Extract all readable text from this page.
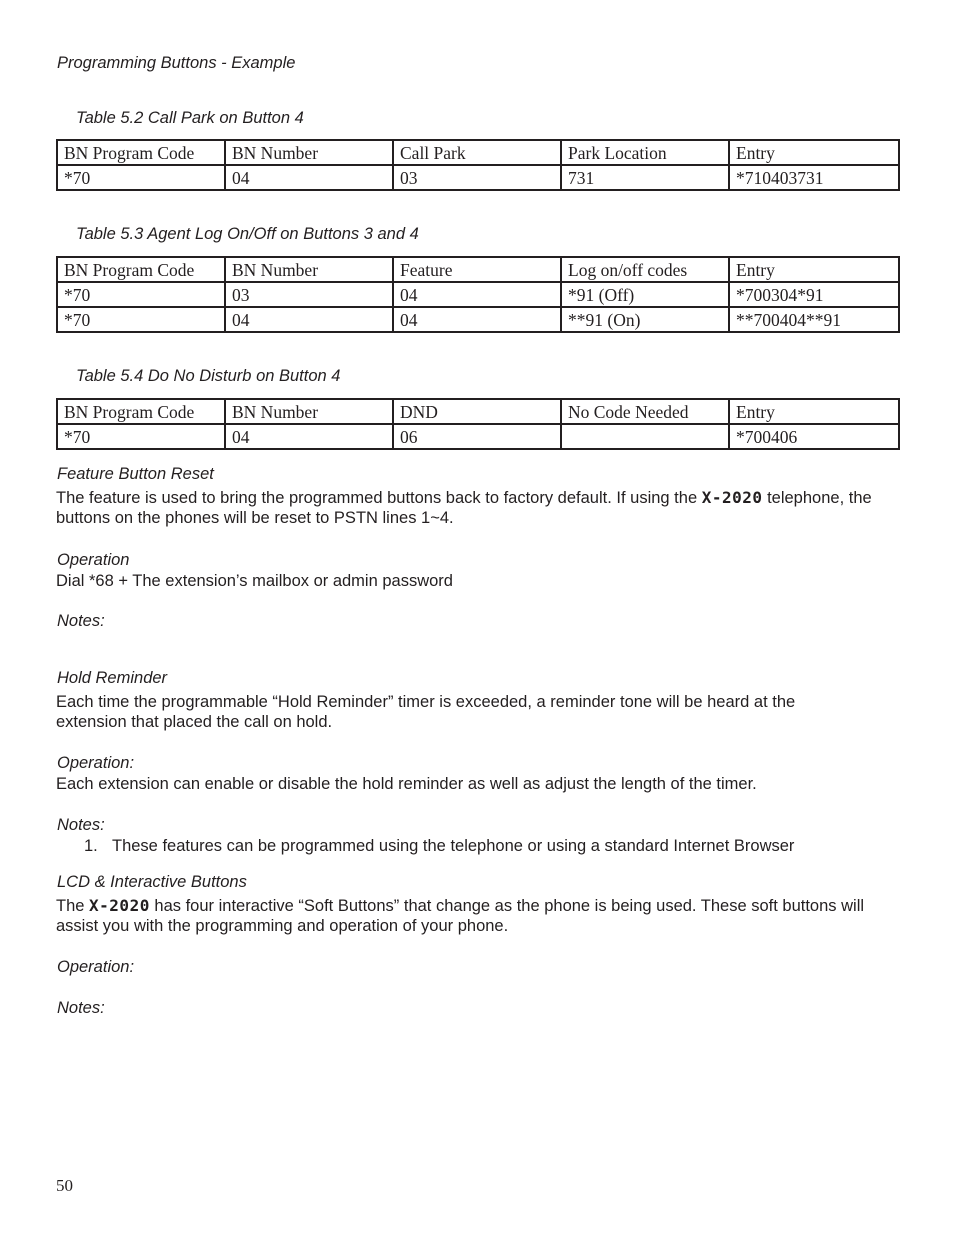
Programming Buttons - Example
Table 5.2 Call Park on Button 4
BN Program Code	BN Number	Call Park	Park Location	Entry
*70	04	03	731	*710403731
Table 5.3 Agent Log On/Off on Buttons 3 and 4
BN Program Code	BN Number	Feature	Log on/off codes	Entry
*70	03	04	*91 (Off)	*700304*91
*70	04	04	**91 (On)	**700404**91
Table 5.4 Do No Disturb on Button 4
BN Program Code	BN Number	DND	No Code Needed	Entry
*70	04	06		*700406
Feature Button Reset

The feature is used to bring the programmed buttons back to factory default. If using the X-2020 telephone, the buttons on the phones will be reset to PSTN lines 1~4.

Operation

Dial *68 + The extension’s mailbox or admin password

Notes:
Hold Reminder

Each time the programmable “Hold Reminder” timer is exceeded, a reminder tone will be heard at the extension that placed the call on hold.

Operation:

Each extension can enable or disable the hold reminder as well as adjust the length of the timer.

Notes:
1. These features can be programmed using the telephone or using a standard Internet Browser
LCD & Interactive Buttons

The X-2020 has four interactive “Soft Buttons” that change as the phone is being used. These soft buttons will assist you with the programming and operation of your phone.

Operation:
Notes:
50
